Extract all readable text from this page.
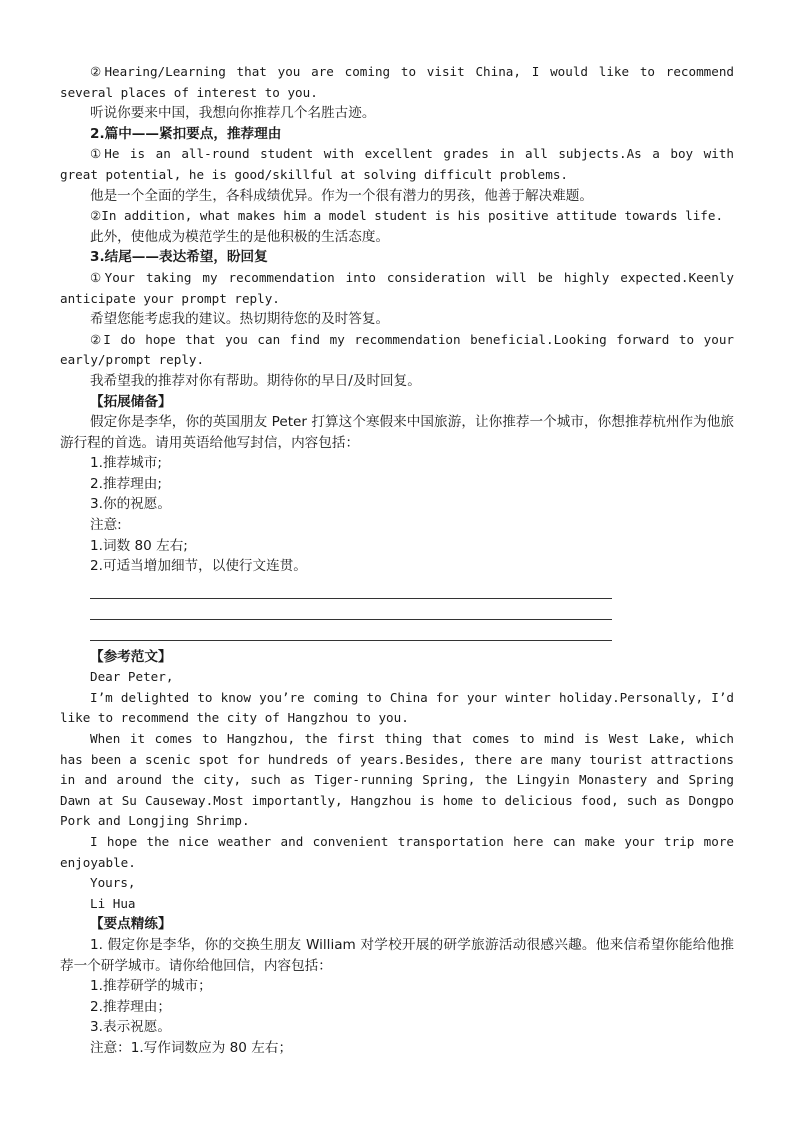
②Hearing/Learning that you are coming to visit China, I would like to recommend several places of interest to you.

听说你要来中国，我想向你推荐几个名胜古迹。

2.篇中——紧扣要点，推荐理由

①He is an all-round student with excellent grades in all subjects.As a boy with great potential, he is good/skillful at solving difficult problems.

他是一个全面的学生，各科成绩优异。作为一个很有潜力的男孩，他善于解决难题。

②In addition, what makes him a model student is his positive attitude towards life.

此外，使他成为模范学生的是他积极的生活态度。

3.结尾——表达希望，盼回复

①Your taking my recommendation into consideration will be highly expected.Keenly anticipate your prompt reply.

希望您能考虑我的建议。热切期待您的及时答复。

②I do hope that you can find my recommendation beneficial.Looking forward to your early/prompt reply.

我希望我的推荐对你有帮助。期待你的早日/及时回复。

【拓展储备】

假定你是李华，你的英国朋友 Peter 打算这个寒假来中国旅游，让你推荐一个城市，你想推荐杭州作为他旅游行程的首选。请用英语给他写封信，内容包括：

1.推荐城市;

2.推荐理由;

3.你的祝愿。

注意:

1.词数 80 左右;

2.可适当增加细节，以使行文连贯。

【参考范文】

Dear Peter,

I’m delighted to know you’re coming to China for your winter holiday.Personally, I’d like to recommend the city of Hangzhou to you.

When it comes to Hangzhou, the first thing that comes to mind is West Lake, which has been a scenic spot for hundreds of years.Besides, there are many tourist attractions in and around the city, such as Tiger-running Spring, the Lingyin Monastery and Spring Dawn at Su Causeway.Most importantly, Hangzhou is home to delicious food, such as Dongpo Pork and Longjing Shrimp.

I hope the nice weather and convenient transportation here can make your trip more enjoyable.

Yours,

Li Hua

【要点精练】

1. 假定你是李华，你的交换生朋友 William 对学校开展的研学旅游活动很感兴趣。他来信希望你能给他推荐一个研学城市。请你给他回信，内容包括：

1.推荐研学的城市；

2.推荐理由；

3.表示祝愿。

注意：1.写作词数应为 80 左右；
